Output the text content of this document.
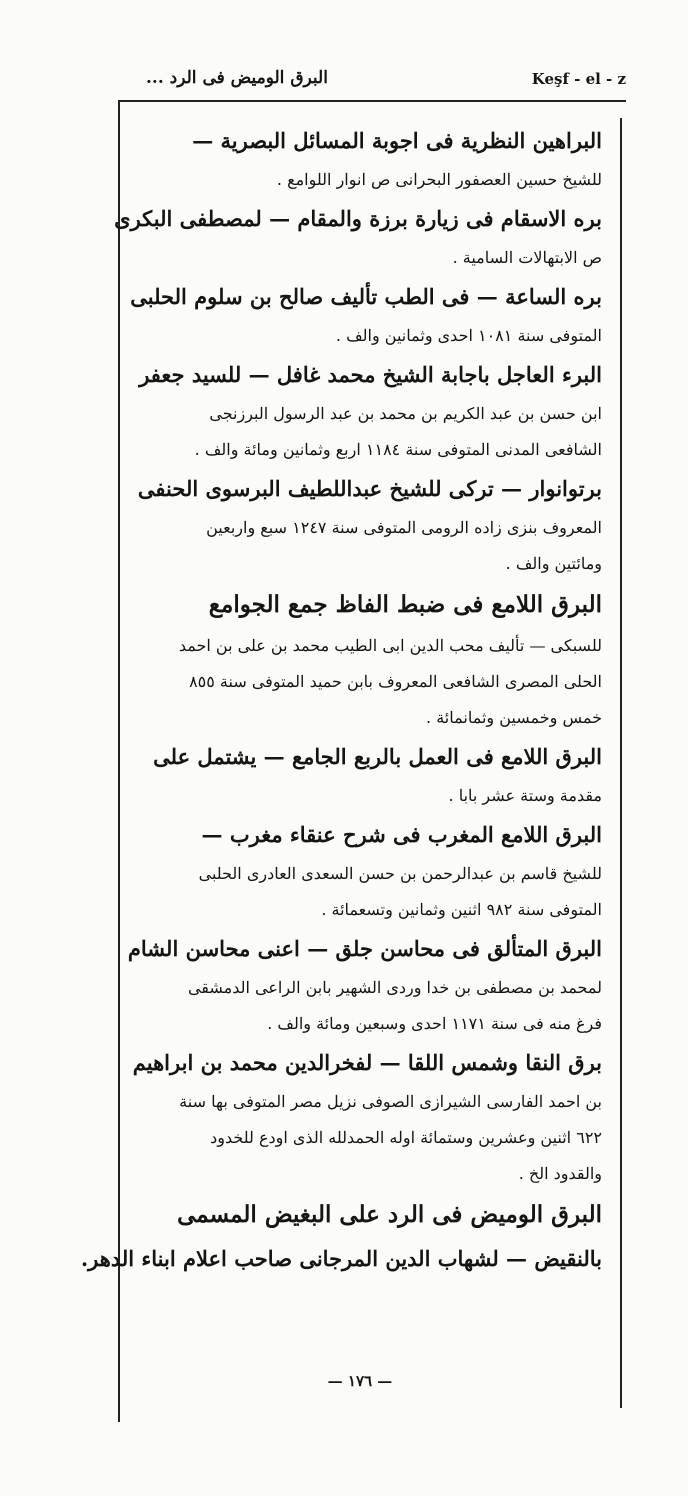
البرق الوميض فى الرد ...	Keşf - el - z
البراهين النظرية فى اجوبة المسائل البصرية —
للشيخ حسين العصفور البحرانى ص انوار اللوامع .
بره الاسقام فى زيارة برزة والمقام — لمصطفى البكرى
ص الابتهالات السامية .
بره الساعة — فى الطب تأليف صالح بن سلوم الحلبى
المتوفى سنة ١٠٨١ احدى وثمانين والف .
البرء العاجل باجابة الشيخ محمد غافل — للسيد جعفر
ابن حسن بن عبد الكريم بن محمد بن عبد الرسول البرزنجى
الشافعى المدنى المتوفى سنة ١١٨٤ اربع وثمانين ومائة والف .
برتوانوار — تركى للشيخ عبداللطيف البرسوى الحنفى
المعروف بنزى زاده الرومى المتوفى سنة ١٢٤٧ سبع واربعين
ومائتين والف .
البرق اللامع فى ضبط الفاظ جمع الجوامع
للسبكى — تأليف محب الدين ابى الطيب محمد بن على بن احمد
الحلى المصرى الشافعى المعروف بابن حميد المتوفى سنة ٨٥٥
خمس وخمسين وثمانمائة .
البرق اللامع فى العمل بالربع الجامع — يشتمل على
مقدمة وستة عشر بابا .
البرق اللامع المغرب فى شرح عنقاء مغرب —
للشيخ قاسم بن عبدالرحمن بن حسن السعدى العادرى الحلبى
المتوفى سنة ٩٨٢ اثنين وثمانين وتسعمائة .
البرق المتألق فى محاسن جلق — اعنى محاسن الشام
لمحمد بن مصطفى بن خدا وردى الشهير بابن الراعى الدمشقى
فرغ منه فى سنة ١١٧١ احدى وسبعين ومائة والف .
برق النقا وشمس اللقا — لفخرالدين محمد بن ابراهيم
بن احمد الفارسى الشيرازى الصوفى نزيل مصر المتوفى بها سنة
٦٢٢ اثنين وعشرين وستمائة اوله الحمدلله الذى اودع للخدود
والقدود الخ .
البرق الوميض فى الرد على البغيض المسمى
بالنقيض — لشهاب الدين المرجانى صاحب اعلام ابناء الدهر.
— ١٧٦ —
